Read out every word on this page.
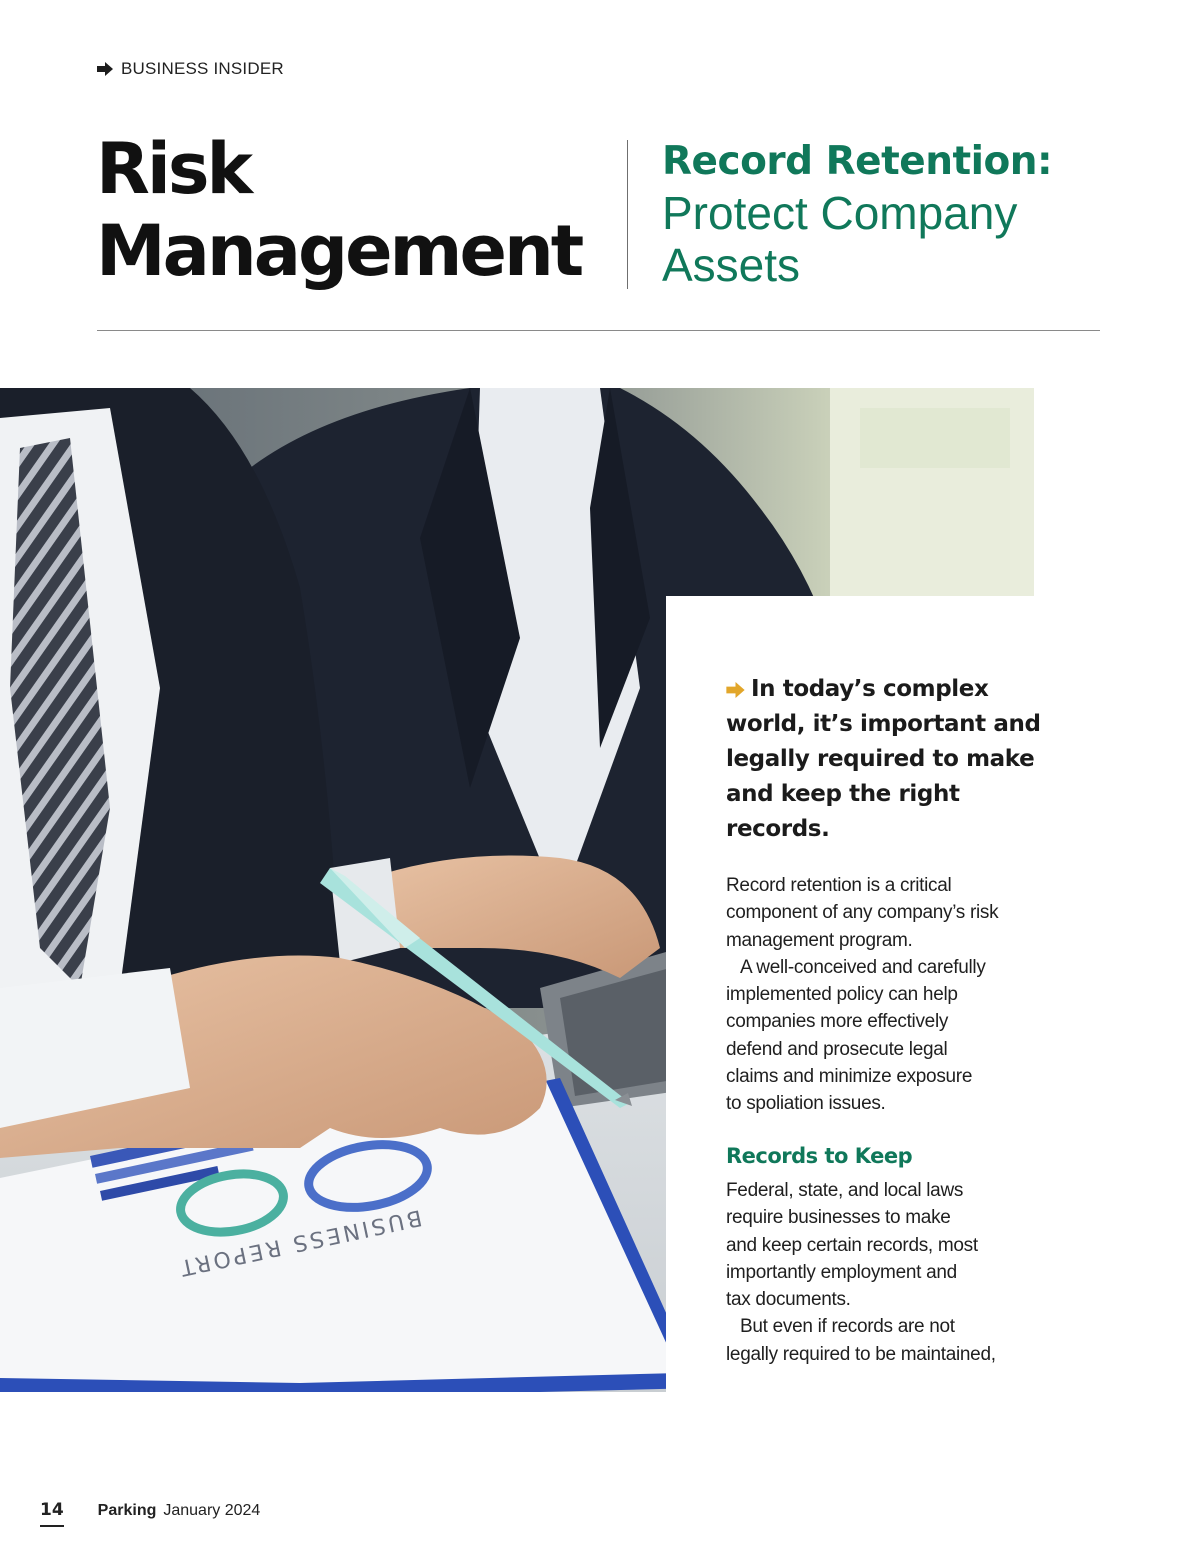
BUSINESS INSIDER
Risk
Management
Record Retention:
Protect Company
Assets
BUSINESS REPORT

In today’s complex world, it’s important and legally required to make and keep the right records.

Record retention is a critical
component of any company’s risk
management program.
A well-conceived and carefully
implemented policy can help
companies more effectively
defend and prosecute legal
claims and minimize exposure
to spoliation issues.

Records to Keep

Federal, state, and local laws
require businesses to make
and keep certain records, most
importantly employment and
tax documents.
But even if records are not
legally required to be maintained,

14 Parking January 2024
